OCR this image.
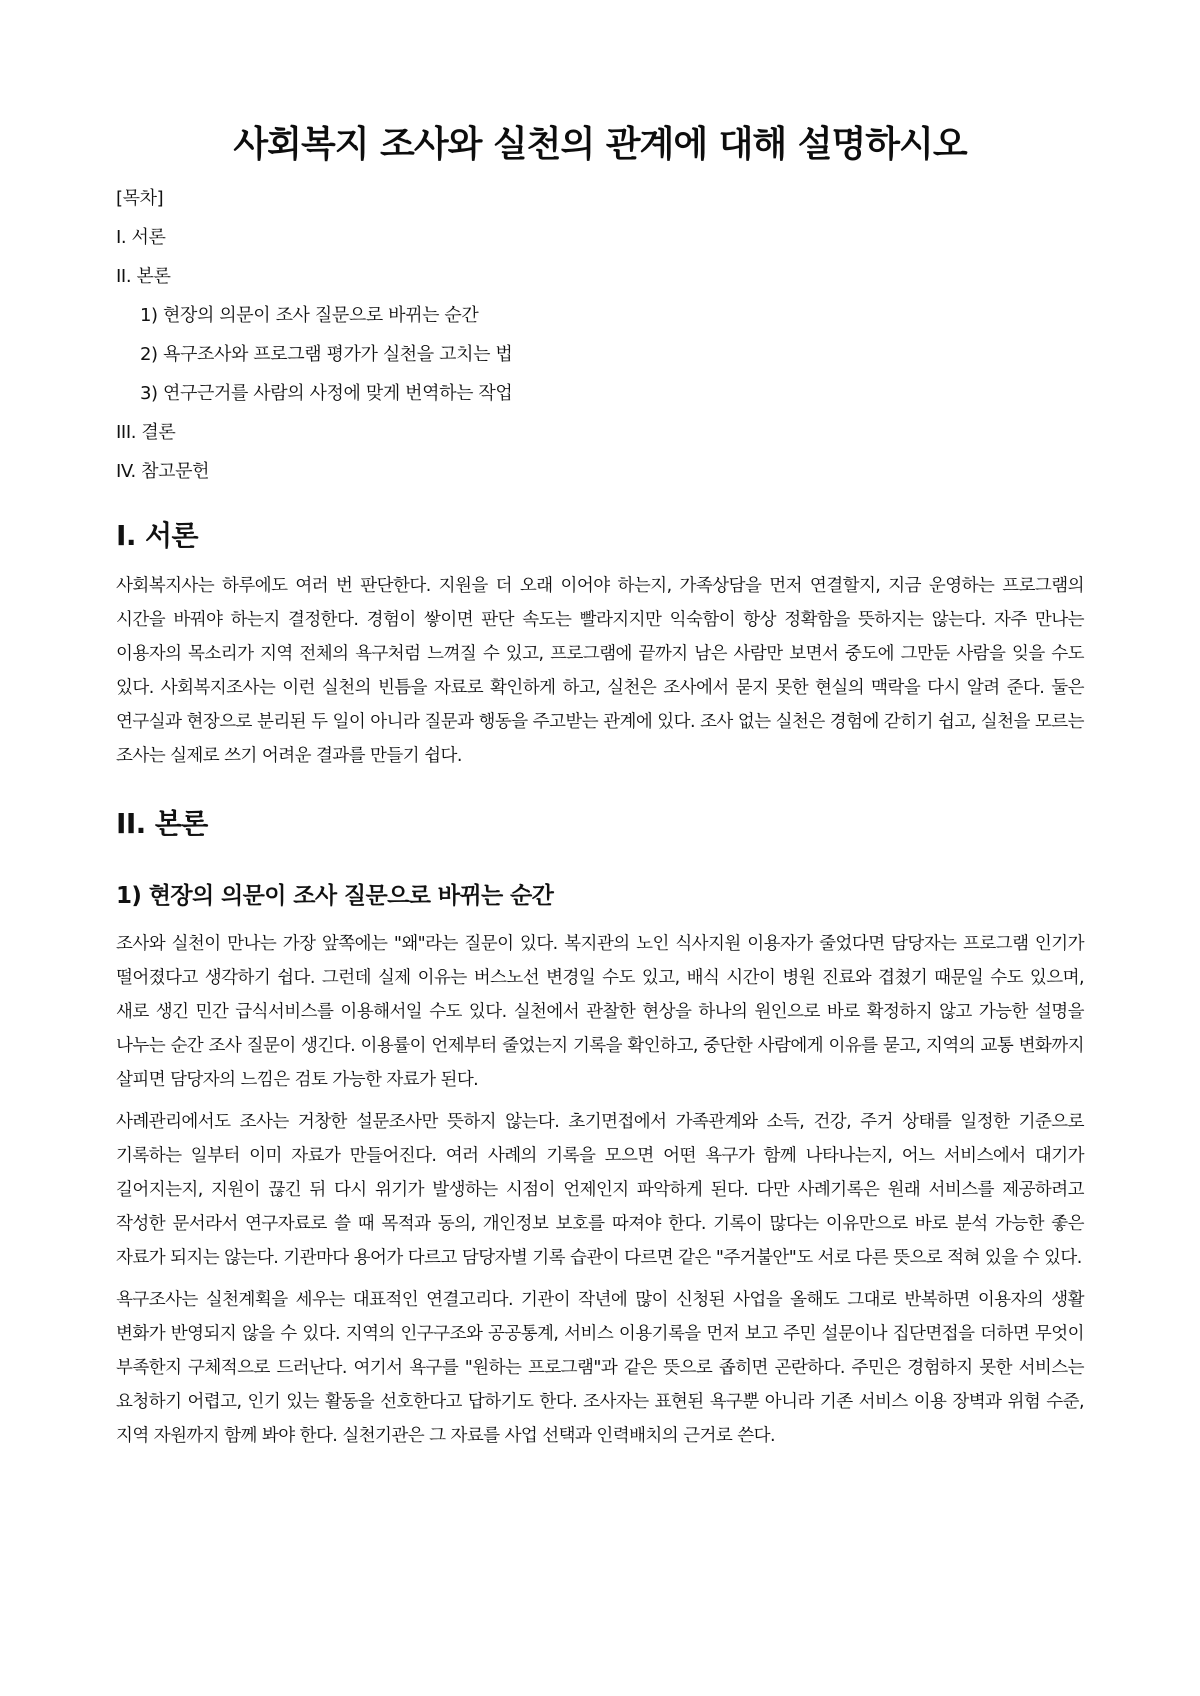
사회복지 조사와 실천의 관계에 대해 설명하시오
[목차]
I. 서론
II. 본론
1) 현장의 의문이 조사 질문으로 바뀌는 순간
2) 욕구조사와 프로그램 평가가 실천을 고치는 법
3) 연구근거를 사람의 사정에 맞게 번역하는 작업
III. 결론
IV. 참고문헌
I. 서론

사회복지사는 하루에도 여러 번 판단한다. 지원을 더 오래 이어야 하는지, 가족상담을 먼저 연결할지, 지금 운영하는 프로그램의 시간을 바꿔야 하는지 결정한다. 경험이 쌓이면 판단 속도는 빨라지지만 익숙함이 항상 정확함을 뜻하지는 않는다. 자주 만나는 이용자의 목소리가 지역 전체의 욕구처럼 느껴질 수 있고, 프로그램에 끝까지 남은 사람만 보면서 중도에 그만둔 사람을 잊을 수도 있다. 사회복지조사는 이런 실천의 빈틈을 자료로 확인하게 하고, 실천은 조사에서 묻지 못한 현실의 맥락을 다시 알려 준다. 둘은 연구실과 현장으로 분리된 두 일이 아니라 질문과 행동을 주고받는 관계에 있다. 조사 없는 실천은 경험에 갇히기 쉽고, 실천을 모르는 조사는 실제로 쓰기 어려운 결과를 만들기 쉽다.

II. 본론
1) 현장의 의문이 조사 질문으로 바뀌는 순간

조사와 실천이 만나는 가장 앞쪽에는 "왜"라는 질문이 있다. 복지관의 노인 식사지원 이용자가 줄었다면 담당자는 프로그램 인기가 떨어졌다고 생각하기 쉽다. 그런데 실제 이유는 버스노선 변경일 수도 있고, 배식 시간이 병원 진료와 겹쳤기 때문일 수도 있으며, 새로 생긴 민간 급식서비스를 이용해서일 수도 있다. 실천에서 관찰한 현상을 하나의 원인으로 바로 확정하지 않고 가능한 설명을 나누는 순간 조사 질문이 생긴다. 이용률이 언제부터 줄었는지 기록을 확인하고, 중단한 사람에게 이유를 묻고, 지역의 교통 변화까지 살피면 담당자의 느낌은 검토 가능한 자료가 된다.

사례관리에서도 조사는 거창한 설문조사만 뜻하지 않는다. 초기면접에서 가족관계와 소득, 건강, 주거 상태를 일정한 기준으로 기록하는 일부터 이미 자료가 만들어진다. 여러 사례의 기록을 모으면 어떤 욕구가 함께 나타나는지, 어느 서비스에서 대기가 길어지는지, 지원이 끊긴 뒤 다시 위기가 발생하는 시점이 언제인지 파악하게 된다. 다만 사례기록은 원래 서비스를 제공하려고 작성한 문서라서 연구자료로 쓸 때 목적과 동의, 개인정보 보호를 따져야 한다. 기록이 많다는 이유만으로 바로 분석 가능한 좋은 자료가 되지는 않는다. 기관마다 용어가 다르고 담당자별 기록 습관이 다르면 같은 "주거불안"도 서로 다른 뜻으로 적혀 있을 수 있다.

욕구조사는 실천계획을 세우는 대표적인 연결고리다. 기관이 작년에 많이 신청된 사업을 올해도 그대로 반복하면 이용자의 생활 변화가 반영되지 않을 수 있다. 지역의 인구구조와 공공통계, 서비스 이용기록을 먼저 보고 주민 설문이나 집단면접을 더하면 무엇이 부족한지 구체적으로 드러난다. 여기서 욕구를 "원하는 프로그램"과 같은 뜻으로 좁히면 곤란하다. 주민은 경험하지 못한 서비스는 요청하기 어렵고, 인기 있는 활동을 선호한다고 답하기도 한다. 조사자는 표현된 욕구뿐 아니라 기존 서비스 이용 장벽과 위험 수준, 지역 자원까지 함께 봐야 한다. 실천기관은 그 자료를 사업 선택과 인력배치의 근거로 쓴다.
